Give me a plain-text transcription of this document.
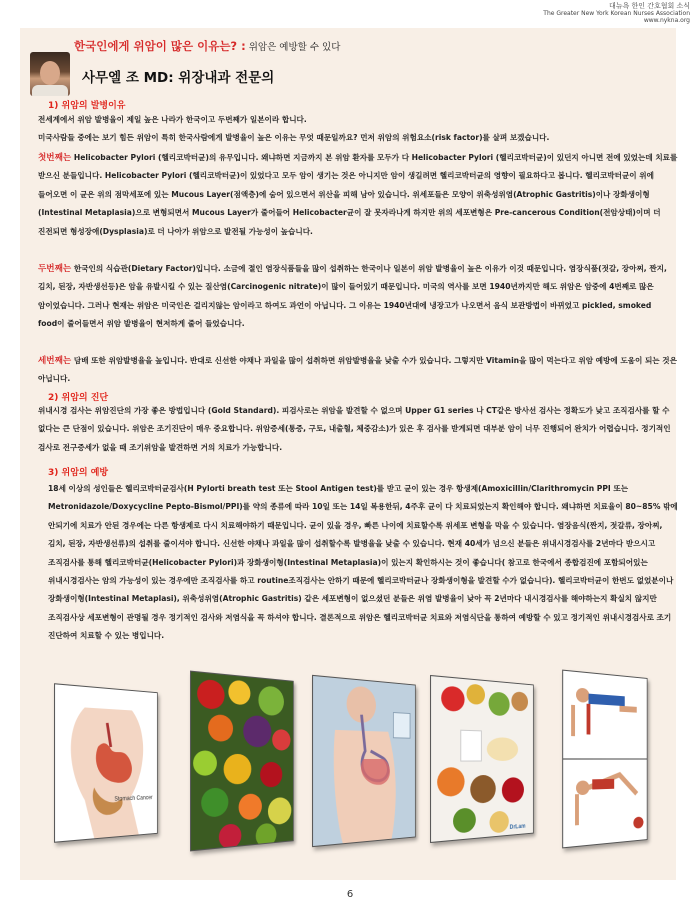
대뉴욕 한인 간호협회 소식
The Greater New York Korean Nurses Association
www.nykna.org
한국인에게 위암이 많은 이유는? : 위암은 예방할 수 있다
사무엘 조 MD: 위장내과 전문의
1) 위암의 발병이유
전세계에서 위암 발병율이 제일 높은 나라가 한국이고 두번째가 일본이라 합니다.
미국사람들 중에는 보기 힘든 위암이 특히 한국사람에게 발병율이 높은 이유는 무엇 때문일까요? 먼저 위암의 위험요소(risk factor)를 살펴 보겠습니다.
첫번째는 Helicobacter Pylori (헬리코박터균)의 유무입니다. 왜냐하면 지금까지 본 위암 환자를 모두가 다 Helicobacter Pylori (헬리코박터균)이 있던지 아니면 전에 있었는데 치료를 받으신 분들입니다. Helicobacter Pylori (헬리코박터균)이 있었다고 모두 암이 생기는 것은 아니지만 암이 생길려면 헬리코박터균의 영향이 필요하다고 봅니다. 헬리코박터균이 위에 들어오면 이 균은 위의 점막세포에 있는 Mucous Layer(점액층)에 숨어 있으면서 위산을 피해 남아 있습니다. 위세포들은 모양이 위축성위염(Atrophic Gastritis)이나 장화생이형(Intestinal Metaplasia)으로 변형되면서 Mucous Layer가 줄어들어 Helicobacter균이 잘 못자라나게 하지만 위의 세포변형은 Pre-cancerous Condition(전암상태)이며 더 진전되면 형성장애(Dysplasia)로 더 나아가 위암으로 발전될 가능성이 높습니다.
두번째는 한국인의 식습관(Dietary Factor)입니다. 소금에 절인 염장식품들을 많이 섭취하는 한국이나 일본이 위암 발병율이 높은 이유가 이것 때문입니다. 염장식품(젓갈, 장아찌, 짠지, 김치, 된장, 자반생선등)은 암을 유발시킬 수 있는 질산염(Carcinogenic nitrate)이 많이 들어있기 때문입니다. 미국의 역사를 보면 1940년까지만 해도 위암은 암중에 4번째로 많은 암이었습니다. 그러나 현재는 위암은 미국인은 걸리지않는 암이라고 하여도 과언이 아닙니다. 그 이유는 1940년대에 냉장고가 나오면서 음식 보관방법이 바뀌었고 pickled, smoked food이 줄어들면서 위암 발병율이 현저하게 줄어 들었습니다.
세번째는 담배 또한 위암발병율을 높입니다. 반대로 신선한 야채나 과일을 많이 섭취하면 위암발병율을 낮출 수가 있습니다. 그렇지만 Vitamin을 많이 먹는다고 위암 예방에 도움이 되는 것은 아닙니다.
2) 위암의 진단
위내시경 검사는 위암진단의 가장 좋은 방법입니다 (Gold Standard). 피검사로는 위암을 발견할 수 없으며 Upper G1 series 나 CT같은 방사선 검사는 정확도가 낮고 조직검사를 할 수 없다는 큰 단점이 있습니다. 위암은 조기진단이 매우 중요합니다. 위암증세(통증, 구토, 내출혈, 체중감소)가 있은 후 검사를 받게되면 대부분 암이 너무 진행되어 완치가 어렵습니다. 정기적인 검사로 전구증세가 없을 때 조기위암을 발견하면 거의 치료가 가능합니다.
3) 위암의 예방
18세 이상의 성인들은 헬리코박터균검사(H Pylorti breath test 또는 Stool Antigen test)를 받고 균이 있는 경우 항생제(Amoxicillin/Clarithromycin PPI 또는 Metronidazole/Doxycycline Pepto-Bismol/PPI)를 약의 종류에 따라 10일 또는 14일 복용한뒤, 4주후 균이 다 치료되었는지 확인해야 합니다. 왜냐하면 치료율이 80~85% 밖에 안되기에 치료가 안된 경우에는 다른 항생제로 다시 치료해야하기 때문입니다. 균이 있을 경우, 빠른 나이에 치료할수록 위세포 변형을 막을 수 있습니다. 염장음식(짠지, 젓갈류, 장아찌, 김치, 된장, 자반생선류)의 섭취를 줄이셔야 합니다. 신선한 야채나 과일을 많이 섭취할수록 발병율을 낮출 수 있습니다. 현재 40세가 넘으신 분들은 위내시경검사를 2년마다 받으시고 조직검사를 통해 헬리코박터균(Helicobacter Pylori)과 장화생이형(Intestinal Metaplasia)이 있는지 확인하시는 것이 좋습니다( 참고로 한국에서 종합검진에 포함되어있는 위내시경검사는 암의 가능성이 있는 경우에만 조직검사를 하고 routine조직검사는 안하기 때문에 헬리코박터균나 장화생이형을 발견할 수가 없습니다). 헬리코박터균이 한번도 없었분이나 장화생이형(Intestinal Metaplasi), 위축성위염(Atrophic Gastritis) 같은 세포변형이 없으셨던 분들은 위염 발병율이 낮아 꼭 2년마다 내시경검사를 해야하는지 확실치 않지만 조직검사상 세포변형이 관명될 경우 정기적인 검사와 저염식을 꼭 하셔야 합니다. 결론적으로 위암은 헬리코박터균 치료와 저염식단을 통하여 예방할 수 있고 정기적인 위내시경검사로 조기 진단하여 치료할 수 있는 병입니다.
Stomach Cancer
DrLam
6
